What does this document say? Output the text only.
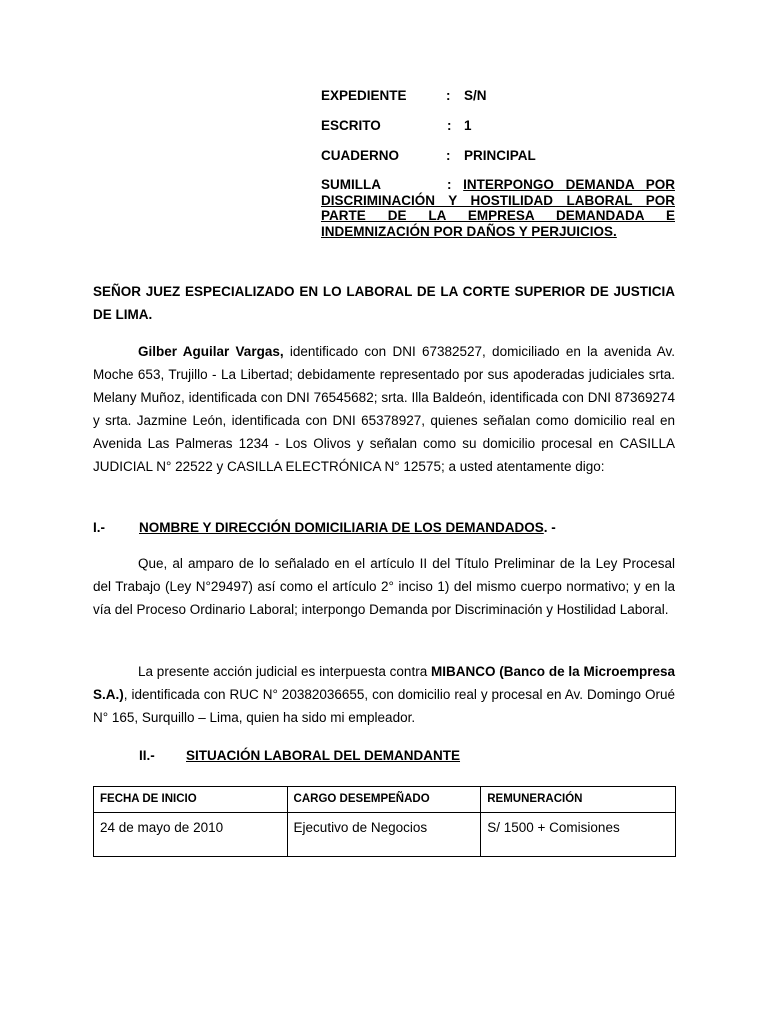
EXPEDIENTE	: S/N
ESCRITO	: 1
CUADERNO	: PRINCIPAL
SUMILLA	: INTERPONGO DEMANDA POR DISCRIMINACIÓN Y HOSTILIDAD LABORAL POR PARTE DE LA EMPRESA DEMANDADA E INDEMNIZACIÓN POR DAÑOS Y PERJUICIOS.
SEÑOR JUEZ ESPECIALIZADO EN LO LABORAL DE LA CORTE SUPERIOR DE JUSTICIA DE LIMA.
Gilber Aguilar Vargas, identificado con DNI 67382527, domiciliado en la avenida Av. Moche 653, Trujillo - La Libertad; debidamente representado por sus apoderadas judiciales srta. Melany Muñoz, identificada con DNI 76545682; srta. Illa Baldeón, identificada con DNI 87369274 y srta. Jazmine León, identificada con DNI 65378927, quienes señalan como domicilio real en Avenida Las Palmeras 1234 - Los Olivos y señalan como su domicilio procesal en CASILLA JUDICIAL N° 22522 y CASILLA ELECTRÓNICA N° 12575; a usted atentamente digo:
I.-	NOMBRE Y DIRECCIÓN DOMICILIARIA DE LOS DEMANDADOS. -
Que, al amparo de lo señalado en el artículo II del Título Preliminar de la Ley Procesal del Trabajo (Ley N°29497) así como el artículo 2° inciso 1) del mismo cuerpo normativo; y en la vía del Proceso Ordinario Laboral; interpongo Demanda por Discriminación y Hostilidad Laboral.
La presente acción judicial es interpuesta contra MIBANCO (Banco de la Microempresa S.A.), identificada con RUC N° 20382036655, con domicilio real y procesal en Av. Domingo Orué N° 165, Surquillo – Lima, quien ha sido mi empleador.
II.- SITUACIÓN LABORAL DEL DEMANDANTE
FECHA DE INICIO	CARGO DESEMPEÑADO	REMUNERACIÓN
24 de mayo de 2010	Ejecutivo de Negocios	S/ 1500 + Comisiones
